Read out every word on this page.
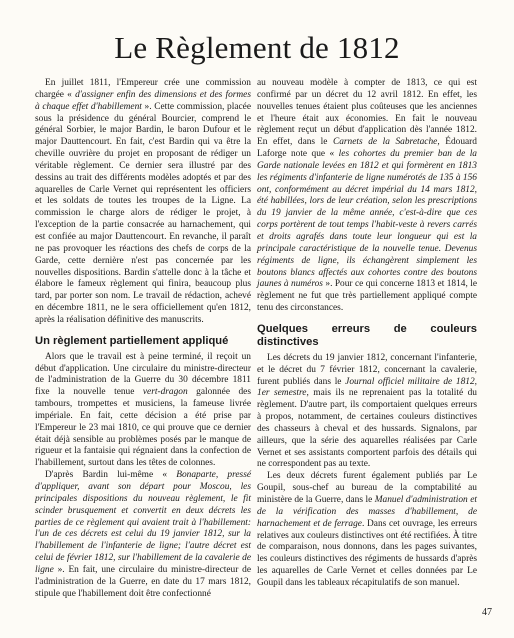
Le Règlement de 1812

En juillet 1811, l'Empereur crée une commission chargée « d'assigner enfin des dimensions et des formes à chaque effet d'habillement ». Cette commission, placée sous la présidence du général Bourcier, comprend le général Sorbier, le major Bardin, le baron Dufour et le major Dauttencourt. En fait, c'est Bardin qui va être la cheville ouvrière du projet en proposant de rédiger un véritable règlement. Ce dernier sera illustré par des dessins au trait des différents modèles adoptés et par des aquarelles de Carle Vernet qui représentent les officiers et les soldats de toutes les troupes de la Ligne. La commission le charge alors de rédiger le projet, à l'exception de la partie consacrée au harnachement, qui est confiée au major Dauttencourt. En revanche, il paraît ne pas provoquer les réactions des chefs de corps de la Garde, cette dernière n'est pas concernée par les nouvelles dispositions. Bardin s'attelle donc à la tâche et élabore le fameux règlement qui finira, beaucoup plus tard, par porter son nom. Le travail de rédaction, achevé en décembre 1811, ne le sera officiellement qu'en 1812, après la réalisation définitive des manuscrits.

Un règlement partiellement appliqué

Alors que le travail est à peine terminé, il reçoit un début d'application. Une circulaire du ministre-directeur de l'administration de la Guerre du 30 décembre 1811 fixe la nouvelle tenue vert-dragon galonnée des tambours, trompettes et musiciens, la fameuse livrée impériale. En fait, cette décision a été prise par l'Empereur le 23 mai 1810, ce qui prouve que ce dernier était déjà sensible au problèmes posés par le manque de rigueur et la fantaisie qui régnaient dans la confection de l'habillement, surtout dans les têtes de colonnes.

D'après Bardin lui-même « Bonaparte, pressé d'appliquer, avant son départ pour Moscou, les principales dispositions du nouveau règlement, le fit scinder brusquement et convertit en deux décrets les parties de ce règlement qui avaient trait à l'habillement: l'un de ces décrets est celui du 19 janvier 1812, sur la l'habillement de l'infanterie de ligne; l'autre décret est celui de février 1812, sur l'habillement de la cavalerie de ligne ». En fait, une circulaire du ministre-directeur de l'administration de la Guerre, en date du 17 mars 1812, stipule que l'habillement doit être confectionné

au nouveau modèle à compter de 1813, ce qui est confirmé par un décret du 12 avril 1812. En effet, les nouvelles tenues étaient plus coûteuses que les anciennes et l'heure était aux économies. En fait le nouveau règlement reçut un début d'application dès l'année 1812. En effet, dans le Carnets de la Sabretache, Édouard Laforge note que « les cohortes du premier ban de la Garde nationale levées en 1812 et qui formèrent en 1813 les régiments d'infanterie de ligne numérotés de 135 à 156 ont, conformément au décret impérial du 14 mars 1812, été habillées, lors de leur création, selon les prescriptions du 19 janvier de la même année, c'est-à-dire que ces corps portèrent de tout temps l'habit-veste à revers carrés et droits agrafés dans toute leur longueur qui est la principale caractéristique de la nouvelle tenue. Devenus régiments de ligne, ils échangèrent simplement les boutons blancs affectés aux cohortes contre des boutons jaunes à numéros ». Pour ce qui concerne 1813 et 1814, le règlement ne fut que très partiellement appliqué compte tenu des circonstances.

Quelques erreurs de couleurs distinctives

Les décrets du 19 janvier 1812, concernant l'infanterie, et le décret du 7 février 1812, concernant la cavalerie, furent publiés dans le Journal officiel militaire de 1812, 1er semestre, mais ils ne reprenaient pas la totalité du règlement. D'autre part, ils comportaient quelques erreurs à propos, notamment, de certaines couleurs distinctives des chasseurs à cheval et des hussards. Signalons, par ailleurs, que la série des aquarelles réalisées par Carle Vernet et ses assistants comportent parfois des détails qui ne correspondent pas au texte.

Les deux décrets furent également publiés par Le Goupil, sous-chef au bureau de la comptabilité au ministère de la Guerre, dans le Manuel d'administration et de la vérification des masses d'habillement, de harnachement et de ferrage. Dans cet ouvrage, les erreurs relatives aux couleurs distinctives ont été rectifiées. À titre de comparaison, nous donnons, dans les pages suivantes, les couleurs distinctives des régiments de hussards d'après les aquarelles de Carle Vernet et celles données par Le Goupil dans les tableaux récapitulatifs de son manuel.

47
